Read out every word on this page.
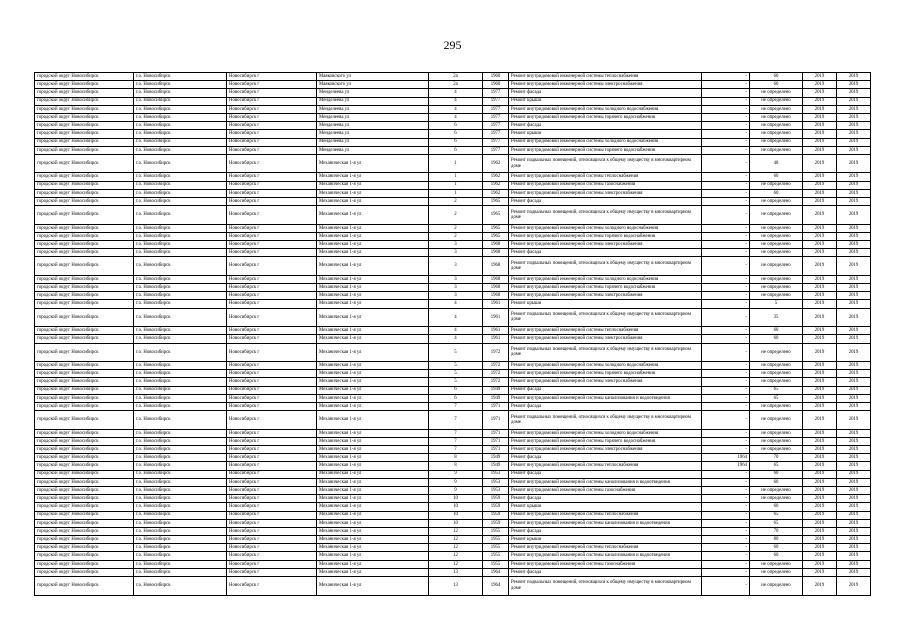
295
городской округ Новосибирск	г.о. Новосибирск	Новосибирск г	Маяковского ул	2а	1960	Ремонт внутридомовой инженерной системы теплоснабжения	-	60	2019	2019
городской округ Новосибирск	г.о. Новосибирск	Новосибирск г	Маяковского ул	2а	1960	Ремонт внутридомовой инженерной системы электроснабжения	-	60	2019	2019
городской округ Новосибирск	г.о. Новосибирск	Новосибирск г	Менделеева ул	4	1977	Ремонт фасада	-	не определено	2019	2019
городской округ Новосибирск	г.о. Новосибирск	Новосибирск г	Менделеева ул	4	1977	Ремонт крыши	-	не определено	2019	2019
городской округ Новосибирск	г.о. Новосибирск	Новосибирск г	Менделеева ул	4	1977	Ремонт внутридомовой инженерной системы холодного водоснабжения	-	не определено	2019	2019
городской округ Новосибирск	г.о. Новосибирск	Новосибирск г	Менделеева ул	4	1977	Ремонт внутридомовой инженерной системы горячего водоснабжения	-	не определено	2019	2019
городской округ Новосибирск	г.о. Новосибирск	Новосибирск г	Менделеева ул	6	1977	Ремонт фасада	-	не определено	2019	2019
городской округ Новосибирск	г.о. Новосибирск	Новосибирск г	Менделеева ул	6	1977	Ремонт крыши	-	не определено	2019	2019
городской округ Новосибирск	г.о. Новосибирск	Новосибирск г	Менделеева ул	6	1977	Ремонт внутридомовой инженерной системы холодного водоснабжения	-	не определено	2019	2019
городской округ Новосибирск	г.о. Новосибирск	Новосибирск г	Менделеева ул	6	1977	Ремонт внутридомовой инженерной системы горячего водоснабжения	-	не определено	2019	2019
городской округ Новосибирск	г.о. Новосибирск	Новосибирск г	Механическая 1-я ул	1	1962	Ремонт подвальных помещений, относящихся к общему имуществу в многоквартирном доме	-	48	2019	2019
городской округ Новосибирск	г.о. Новосибирск	Новосибирск г	Механическая 1-я ул	1	1962	Ремонт внутридомовой инженерной системы теплоснабжения	-	60	2019	2019
городской округ Новосибирск	г.о. Новосибирск	Новосибирск г	Механическая 1-я ул	1	1962	Ремонт внутридомовой инженерной системы газоснабжения	-	не определено	2019	2019
городской округ Новосибирск	г.о. Новосибирск	Новосибирск г	Механическая 1-я ул	1	1962	Ремонт внутридомовой инженерной системы электроснабжения	-	60	2019	2019
городской округ Новосибирск	г.о. Новосибирск	Новосибирск г	Механическая 1-я ул	2	1965	Ремонт фасада	-	не определено	2019	2019
городской округ Новосибирск	г.о. Новосибирск	Новосибирск г	Механическая 1-я ул	2	1965	Ремонт подвальных помещений, относящихся к общему имуществу в многоквартирном доме	-	не определено	2019	2019
городской округ Новосибирск	г.о. Новосибирск	Новосибирск г	Механическая 1-я ул	2	1965	Ремонт внутридомовой инженерной системы холодного водоснабжения	-	не определено	2019	2019
городской округ Новосибирск	г.о. Новосибирск	Новосибирск г	Механическая 1-я ул	2	1965	Ремонт внутридомовой инженерной системы горячего водоснабжения	-	не определено	2019	2019
городской округ Новосибирск	г.о. Новосибирск	Новосибирск г	Механическая 1-я ул	3	1968	Ремонт внутридомовой инженерной системы электроснабжения	-	не определено	2019	2019
городской округ Новосибирск	г.о. Новосибирск	Новосибирск г	Механическая 1-я ул	3	1968	Ремонт фасада	-	не определено	2019	2019
городской округ Новосибирск	г.о. Новосибирск	Новосибирск г	Механическая 1-я ул	3	1968	Ремонт подвальных помещений, относящихся к общему имуществу в многоквартирном доме	-	не определено	2019	2019
городской округ Новосибирск	г.о. Новосибирск	Новосибирск г	Механическая 1-я ул	3	1968	Ремонт внутридомовой инженерной системы холодного водоснабжения	-	не определено	2019	2019
городской округ Новосибирск	г.о. Новосибирск	Новосибирск г	Механическая 1-я ул	3	1968	Ремонт внутридомовой инженерной системы горячего водоснабжения	-	не определено	2019	2019
городской округ Новосибирск	г.о. Новосибирск	Новосибирск г	Механическая 1-я ул	3	1968	Ремонт внутридомовой инженерной системы электроснабжения	-	не определено	2019	2019
городской округ Новосибирск	г.о. Новосибирск	Новосибирск г	Механическая 1-я ул	4	1961	Ремонт крыши	-	5	2019	2019
городской округ Новосибирск	г.о. Новосибирск	Новосибирск г	Механическая 1-я ул	4	1961	Ремонт подвальных помещений, относящихся к общему имуществу в многоквартирном доме	-	35	2019	2019
городской округ Новосибирск	г.о. Новосибирск	Новосибирск г	Механическая 1-я ул	4	1961	Ремонт внутридомовой инженерной системы теплоснабжения	-	60	2019	2019
городской округ Новосибирск	г.о. Новосибирск	Новосибирск г	Механическая 1-я ул	4	1961	Ремонт внутридомовой инженерной системы электроснабжения	-	60	2019	2019
городской округ Новосибирск	г.о. Новосибирск	Новосибирск г	Механическая 1-я ул	5	1972	Ремонт подвальных помещений, относящихся к общему имуществу в многоквартирном доме	-	не определено	2019	2019
городской округ Новосибирск	г.о. Новосибирск	Новосибирск г	Механическая 1-я ул	5	1972	Ремонт внутридомовой инженерной системы холодного водоснабжения	-	не определено	2019	2019
городской округ Новосибирск	г.о. Новосибирск	Новосибирск г	Механическая 1-я ул	5	1972	Ремонт внутридомовой инженерной системы горячего водоснабжения	-	не определено	2019	2019
городской округ Новосибирск	г.о. Новосибирск	Новосибирск г	Механическая 1-я ул	5	1972	Ремонт внутридомовой инженерной системы электроснабжения	-	не определено	2019	2019
городской округ Новосибирск	г.о. Новосибирск	Новосибирск г	Механическая 1-я ул	6	1949	Ремонт фасада	-	65	2019	2019
городской округ Новосибирск	г.о. Новосибирск	Новосибирск г	Механическая 1-я ул	6	1949	Ремонт внутридомовой инженерной системы канализования и водоотведения	-	65	2019	2019
городской округ Новосибирск	г.о. Новосибирск	Новосибирск г	Механическая 1-я ул	7	1971	Ремонт фасада	-	не определено	2019	2019
городской округ Новосибирск	г.о. Новосибирск	Новосибирск г	Механическая 1-я ул	7	1971	Ремонт подвальных помещений, относящихся к общему имуществу в многоквартирном доме	-	не определено	2019	2019
городской округ Новосибирск	г.о. Новосибирск	Новосибирск г	Механическая 1-я ул	7	1971	Ремонт внутридомовой инженерной системы холодного водоснабжения	-	не определено	2019	2019
городской округ Новосибирск	г.о. Новосибирск	Новосибирск г	Механическая 1-я ул	7	1971	Ремонт внутридомовой инженерной системы горячего водоснабжения	-	не определено	2019	2019
городской округ Новосибирск	г.о. Новосибирск	Новосибирск г	Механическая 1-я ул	7	1971	Ремонт внутридомовой инженерной системы электроснабжения	-	не определено	2019	2019
городской округ Новосибирск	г.о. Новосибирск	Новосибирск г	Механическая 1-я ул	8	1949	Ремонт фасада	1964	70	2019	2019
городской округ Новосибирск	г.о. Новосибирск	Новосибирск г	Механическая 1-я ул	8	1949	Ремонт внутридомовой инженерной системы теплоснабжения	1964	65	2019	2019
городской округ Новосибирск	г.о. Новосибирск	Новосибирск г	Механическая 1-я ул	9	1953	Ремонт фасада	-	60	2019	2019
городской округ Новосибирск	г.о. Новосибирск	Новосибирск г	Механическая 1-я ул	9	1953	Ремонт внутридомовой инженерной системы канализования и водоотведения	-	60	2019	2019
городской округ Новосибирск	г.о. Новосибирск	Новосибирск г	Механическая 1-я ул	9	1953	Ремонт внутридомовой инженерной системы газоснабжения	-	не определено	2019	2019
городской округ Новосибирск	г.о. Новосибирск	Новосибирск г	Механическая 1-я ул	10	1959	Ремонт фасада	-	не определено	2019	2019
городской округ Новосибирск	г.о. Новосибирск	Новосибирск г	Механическая 1-я ул	10	1959	Ремонт крыши	-	60	2019	2019
городской округ Новосибирск	г.о. Новосибирск	Новосибирск г	Механическая 1-я ул	10	1959	Ремонт внутридомовой инженерной системы теплоснабжения	-	65	2019	2019
городской округ Новосибирск	г.о. Новосибирск	Новосибирск г	Механическая 1-я ул	10	1959	Ремонт внутридомовой инженерной системы канализования и водоотведения	-	65	2019	2019
городской округ Новосибирск	г.о. Новосибирск	Новосибирск г	Механическая 1-я ул	12	1955	Ремонт фасада	-	70	2019	2019
городской округ Новосибирск	г.о. Новосибирск	Новосибирск г	Механическая 1-я ул	12	1955	Ремонт крыши	-	80	2019	2019
городской округ Новосибирск	г.о. Новосибирск	Новосибирск г	Механическая 1-я ул	12	1955	Ремонт внутридомовой инженерной системы теплоснабжения	-	60	2019	2019
городской округ Новосибирск	г.о. Новосибирск	Новосибирск г	Механическая 1-я ул	12	1955	Ремонт внутридомовой инженерной системы канализования и водоотведения	-	60	2019	2019
городской округ Новосибирск	г.о. Новосибирск	Новосибирск г	Механическая 1-я ул	12	1955	Ремонт внутридомовой инженерной системы газоснабжения	-	не определено	2019	2019
городской округ Новосибирск	г.о. Новосибирск	Новосибирск г	Механическая 1-я ул	13	1964	Ремонт фасада	-	не определено	2019	2019
городской округ Новосибирск	г.о. Новосибирск	Новосибирск г	Механическая 1-я ул	13	1964	Ремонт подвальных помещений, относящихся к общему имуществу в многоквартирном доме	-	не определено	2019	2019
